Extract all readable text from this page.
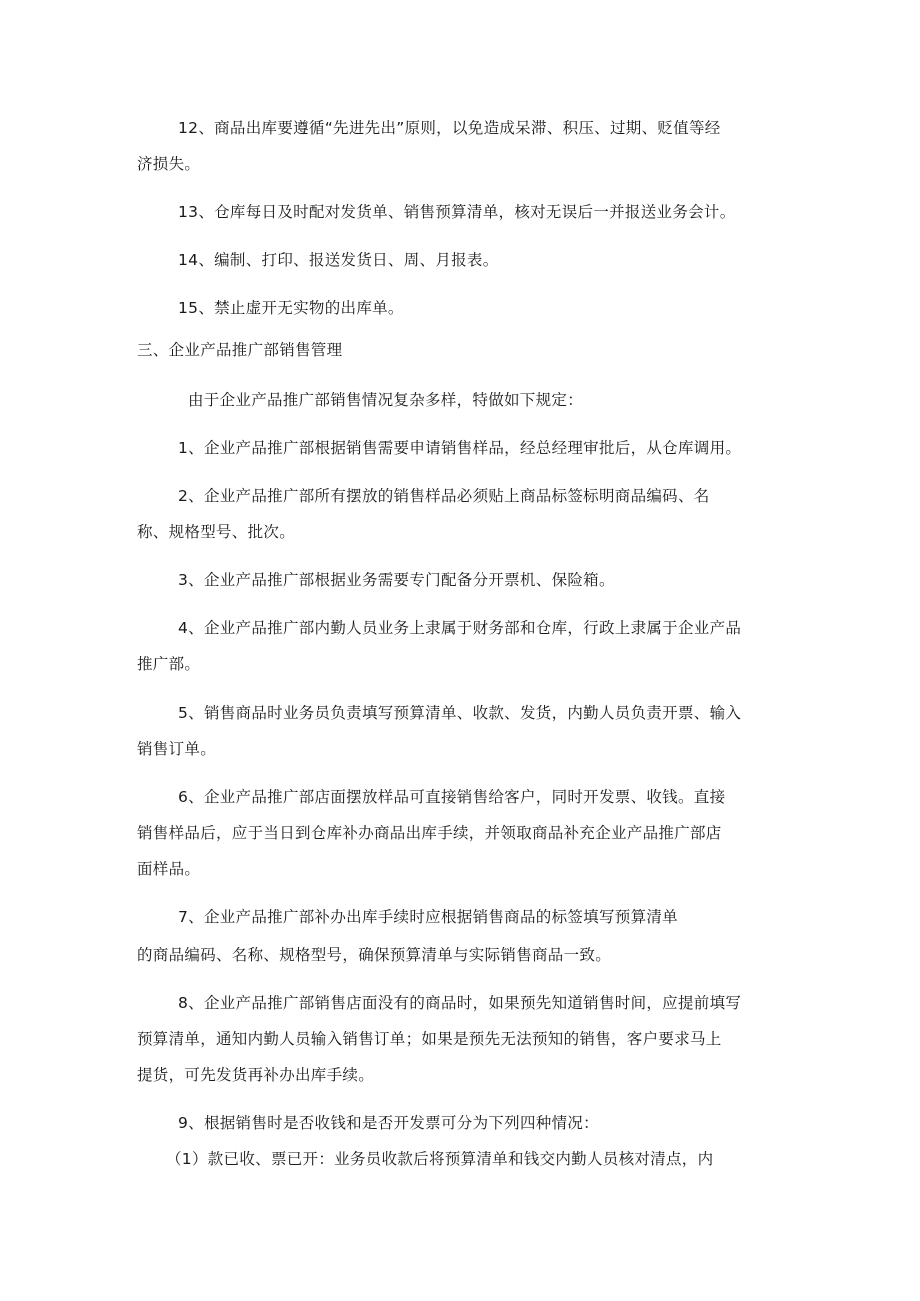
12、商品出库要遵循“先进先出”原则，以免造成呆滞、积压、过期、贬值等经
济损失。
13、仓库每日及时配对发货单、销售预算清单，核对无误后一并报送业务会计。
14、编制、打印、报送发货日、周、月报表。
15、禁止虚开无实物的出库单。
三、企业产品推广部销售管理
由于企业产品推广部销售情况复杂多样，特做如下规定：
1、企业产品推广部根据销售需要申请销售样品，经总经理审批后，从仓库调用。
2、企业产品推广部所有摆放的销售样品必须贴上商品标签标明商品编码、名
称、规格型号、批次。
3、企业产品推广部根据业务需要专门配备分开票机、保险箱。
4、企业产品推广部内勤人员业务上隶属于财务部和仓库，行政上隶属于企业产品
推广部。
5、销售商品时业务员负责填写预算清单、收款、发货，内勤人员负责开票、输入
销售订单。
6、企业产品推广部店面摆放样品可直接销售给客户，同时开发票、收钱。直接
销售样品后，应于当日到仓库补办商品出库手续，并领取商品补充企业产品推广部店
面样品。
7、企业产品推广部补办出库手续时应根据销售商品的标签填写预算清单
的商品编码、名称、规格型号，确保预算清单与实际销售商品一致。
8、企业产品推广部销售店面没有的商品时，如果预先知道销售时间，应提前填写
预算清单，通知内勤人员输入销售订单；如果是预先无法预知的销售，客户要求马上
提货，可先发货再补办出库手续。
9、根据销售时是否收钱和是否开发票可分为下列四种情况：
（1）款已收、票已开：业务员收款后将预算清单和钱交内勤人员核对清点，内
